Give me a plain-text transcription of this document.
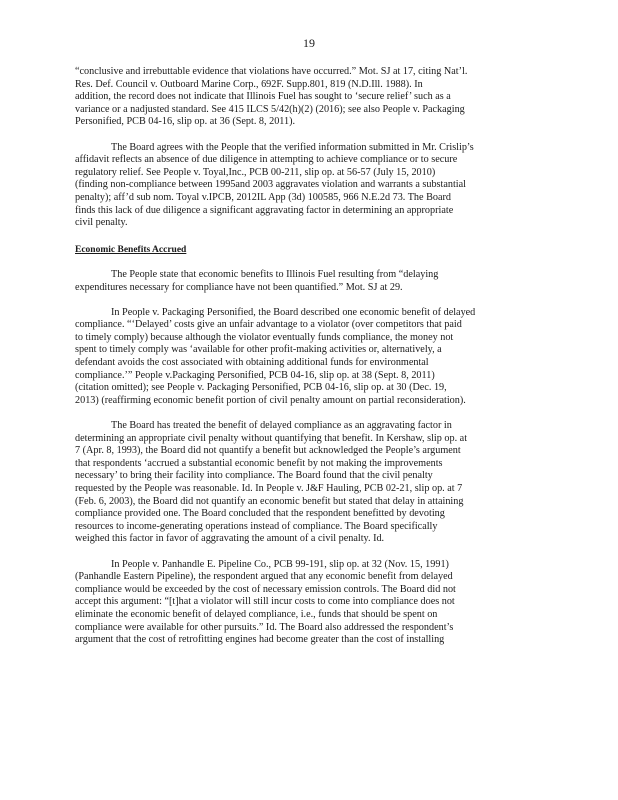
19
“conclusive and irrebuttable evidence that violations have occurred.” Mot. SJ at 17, citing Nat’l.
Res. Def. Council v. Outboard Marine Corp., 692F. Supp.801, 819 (N.D.Ill. 1988). In
addition, the record does not indicate that Illinois Fuel has sought to ‘secure relief’ such as a
variance or a nadjusted standard. See 415 ILCS 5/42(h)(2) (2016); see also People v. Packaging
Personified, PCB 04-16, slip op. at 36 (Sept. 8, 2011).
The Board agrees with the People that the verified information submitted in Mr. Crislip’s
affidavit reflects an absence of due diligence in attempting to achieve compliance or to secure
regulatory relief. See People v. Toyal,Inc., PCB 00-211, slip op. at 56-57 (July 15, 2010)
(finding non-compliance between 1995and 2003 aggravates violation and warrants a substantial
penalty); aff’d sub nom. Toyal v.IPCB, 2012IL App (3d) 100585, 966 N.E.2d 73. The Board
finds this lack of due diligence a significant aggravating factor in determining an appropriate
civil penalty.
Economic Benefits Accrued
The People state that economic benefits to Illinois Fuel resulting from “delaying
expenditures necessary for compliance have not been quantified.” Mot. SJ at 29.
In People v. Packaging Personified, the Board described one economic benefit of delayed
compliance. “‘Delayed’ costs give an unfair advantage to a violator (over competitors that paid
to timely comply) because although the violator eventually funds compliance, the money not
spent to timely comply was ‘available for other profit-making activities or, alternatively, a
defendant avoids the cost associated with obtaining additional funds for environmental
compliance.’” People v.Packaging Personified, PCB 04-16, slip op. at 38 (Sept. 8, 2011)
(citation omitted); see People v. Packaging Personified, PCB 04-16, slip op. at 30 (Dec. 19,
2013) (reaffirming economic benefit portion of civil penalty amount on partial reconsideration).
The Board has treated the benefit of delayed compliance as an aggravating factor in
determining an appropriate civil penalty without quantifying that benefit. In Kershaw, slip op. at
7 (Apr. 8, 1993), the Board did not quantify a benefit but acknowledged the People’s argument
that respondents ‘accrued a substantial economic benefit by not making the improvements
necessary’ to bring their facility into compliance. The Board found that the civil penalty
requested by the People was reasonable. Id. In People v. J&F Hauling, PCB 02-21, slip op. at 7
(Feb. 6, 2003), the Board did not quantify an economic benefit but stated that delay in attaining
compliance provided one. The Board concluded that the respondent benefitted by devoting
resources to income-generating operations instead of compliance. The Board specifically
weighed this factor in favor of aggravating the amount of a civil penalty. Id.
In People v. Panhandle E. Pipeline Co., PCB 99-191, slip op. at 32 (Nov. 15, 1991)
(Panhandle Eastern Pipeline), the respondent argued that any economic benefit from delayed
compliance would be exceeded by the cost of necessary emission controls. The Board did not
accept this argument: “[t]hat a violator will still incur costs to come into compliance does not
eliminate the economic benefit of delayed compliance, i.e., funds that should be spent on
compliance were available for other pursuits.” Id. The Board also addressed the respondent’s
argument that the cost of retrofitting engines had become greater than the cost of installing
